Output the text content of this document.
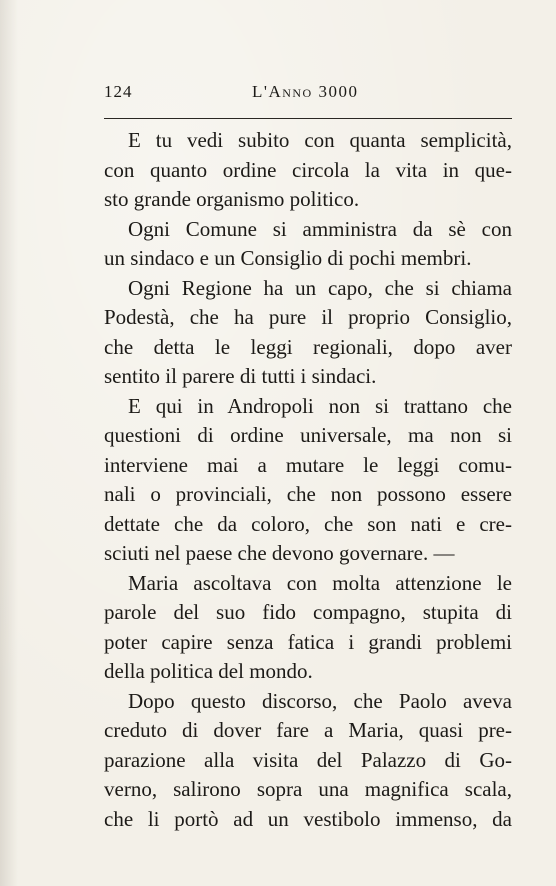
124	L'Anno 3000
E tu vedi subito con quanta semplicità,
con quanto ordine circola la vita in que-
sto grande organismo politico.
Ogni Comune si amministra da sè con
un sindaco e un Consiglio di pochi membri.
Ogni Regione ha un capo, che si chiama
Podestà, che ha pure il proprio Consiglio,
che detta le leggi regionali, dopo aver
sentito il parere di tutti i sindaci.
E qui in Andropoli non si trattano che
questioni di ordine universale, ma non si
interviene mai a mutare le leggi comu-
nali o provinciali, che non possono essere
dettate che da coloro, che son nati e cre-
sciuti nel paese che devono governare. —
Maria ascoltava con molta attenzione le
parole del suo fido compagno, stupita di
poter capire senza fatica i grandi problemi
della politica del mondo.
Dopo questo discorso, che Paolo aveva
creduto di dover fare a Maria, quasi pre-
parazione alla visita del Palazzo di Go-
verno, salirono sopra una magnifica scala,
che li portò ad un vestibolo immenso, da
